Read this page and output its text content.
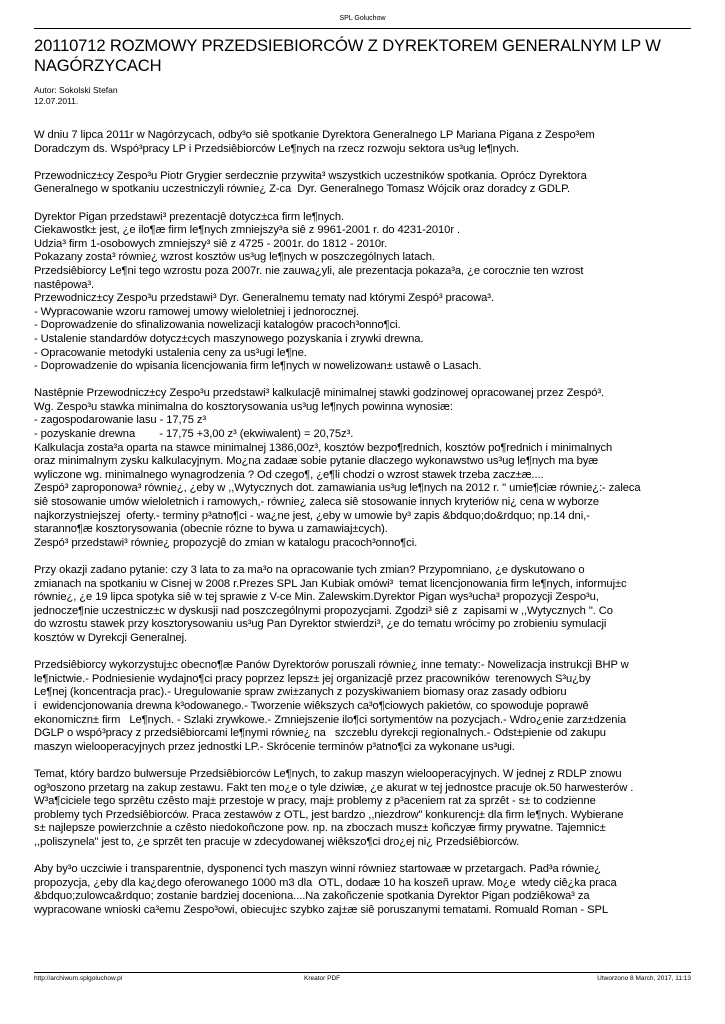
SPL Goluchow
20110712 ROZMOWY PRZEDSIEBIORCÓW Z DYREKTOREM GENERALNYM LP W NAGÓRZYCACH
Autor: Sokolski Stefan
12.07.2011.

W dniu 7 lipca 2011r w Nagórzycach, odby³o siê spotkanie Dyrektora Generalnego LP Mariana Pigana z Zespo³em
Doradczym ds. Wspó³pracy LP i Przedsiêbiorców Le¶nych na rzecz rozwoju sektora us³ug le¶nych.

Przewodnicz±cy Zespo³u Piotr Grygier serdecznie przywita³ wszystkich uczestników spotkania. Oprócz Dyrektora
Generalnego w spotkaniu uczestniczyli równie¿ Z-ca  Dyr. Generalnego Tomasz Wójcik oraz doradcy z GDLP.

Dyrektor Pigan przedstawi³ prezentacjê dotycz±ca firm le¶nych.
Ciekawostk± jest, ¿e ilo¶æ firm le¶nych zmniejszy³a siê z 9961-2001 r. do 4231-2010r .
Udzia³ firm 1-osobowych zmniejszy³ siê z 4725 - 2001r. do 1812 - 2010r.
Pokazany zosta³ równie¿ wzrost kosztów us³ug le¶nych w poszczególnych latach.
Przedsiêbiorcy Le¶ni tego wzrostu poza 2007r. nie zauwa¿yli, ale prezentacja pokaza³a, ¿e corocznie ten wzrost
nastêpowa³.
Przewodnicz±cy Zespo³u przedstawi³ Dyr. Generalnemu tematy nad którymi Zespó³ pracowa³.
- Wypracowanie wzoru ramowej umowy wieloletniej i jednorocznej.
- Doprowadzenie do sfinalizowania nowelizacji katalogów pracoch³onno¶ci.
- Ustalenie standardów dotycz±cych maszynowego pozyskania i zrywki drewna.
- Opracowanie metodyki ustalenia ceny za us³ugi le¶ne.
- Doprowadzenie do wpisania licencjowania firm le¶nych w nowelizowan± ustawê o Lasach.

Nastêpnie Przewodnicz±cy Zespo³u przedstawi³ kalkulacjê minimalnej stawki godzinowej opracowanej przez Zespó³.
Wg. Zespo³u stawka minimalna do kosztorysowania us³ug le¶nych powinna wynosiæ:
- zagospodarowanie lasu - 17,75 z³
- pozyskanie drewna        - 17,75 +3,00 z³ (ekwiwalent) = 20,75z³.
Kalkulacja zosta³a oparta na stawce minimalnej 1386,00z³, kosztów bezpo¶rednich, kosztów po¶rednich i minimalnych
oraz minimalnym zysku kalkulacyjnym. Mo¿na zadaæ sobie pytanie dlaczego wykonawstwo us³ug le¶nych ma byæ
wyliczone wg. minimalnego wynagrodzenia ? Od czego¶, ¿e¶li chodzi o wzrost stawek trzeba zacz±æ....
Zespó³ zaproponowa³ równie¿, ¿eby w ,,Wytycznych dot. zamawiania us³ug le¶nych na 2012 r. " umie¶ciæ równie¿:- zaleca
siê stosowanie umów wieloletnich i ramowych,- równie¿ zaleca siê stosowanie innych kryteriów ni¿ cena w wyborze
najkorzystniejszej  oferty.- terminy p³atno¶ci - wa¿ne jest, ¿eby w umowie by³ zapis &bdquo;do&rdquo; np.14 dni,-
staranno¶æ kosztorysowania (obecnie rózne to bywa u zamawiaj±cych).
Zespó³ przedstawi³ równie¿ propozycjê do zmian w katalogu pracoch³onno¶ci.

Przy okazji zadano pytanie: czy 3 lata to za ma³o na opracowanie tych zmian? Przypomniano, ¿e dyskutowano o
zmianach na spotkaniu w Cisnej w 2008 r.Prezes SPL Jan Kubiak omówi³  temat licencjonowania firm le¶nych, informuj±c
równie¿, ¿e 19 lipca spotyka siê w tej sprawie z V-ce Min. Zalewskim.Dyrektor Pigan wys³ucha³ propozycji Zespo³u,
jednocze¶nie uczestnicz±c w dyskusji nad poszczególnymi propozycjami. Zgodzi³ siê z  zapisami w ,,Wytycznych ". Co
do wzrostu stawek przy kosztorysowaniu us³ug Pan Dyrektor stwierdzi³, ¿e do tematu wrócimy po zrobieniu symulacji
kosztów w Dyrekcji Generalnej.

Przedsiêbiorcy wykorzystuj±c obecno¶æ Panów Dyrektorów poruszali równie¿ inne tematy:- Nowelizacja instrukcji BHP w
le¶nictwie.- Podniesienie wydajno¶ci pracy poprzez lepsz± jej organizacjê przez pracowników  terenowych S³u¿by
Le¶nej (koncentracja prac).- Uregulowanie spraw zwi±zanych z pozyskiwaniem biomasy oraz zasady odbioru
i  ewidencjonowania drewna k³odowanego.- Tworzenie wiêkszych ca³o¶ciowych pakietów, co spowoduje poprawê
ekonomiczn± firm   Le¶nych. - Szlaki zrywkowe.- Zmniejszenie ilo¶ci sortymentów na pozycjach.- Wdro¿enie zarz±dzenia
DGLP o wspó³pracy z przedsiêbiorcami le¶nymi równie¿ na   szczeblu dyrekcji regionalnych.- Odst±pienie od zakupu
maszyn wielooperacyjnych przez jednostki LP.- Skrócenie terminów p³atno¶ci za wykonane us³ugi.

Temat, który bardzo bulwersuje Przedsiêbiorców Le¶nych, to zakup maszyn wielooperacyjnych. W jednej z RDLP znowu
og³oszono przetarg na zakup zestawu. Fakt ten mo¿e o tyle dziwiæ, ¿e akurat w tej jednostce pracuje ok.50 harwesterów .
W³a¶ciciele tego sprzêtu czêsto maj± przestoje w pracy, maj± problemy z p³aceniem rat za sprzêt - s± to codzienne
problemy tych Przedsiêbiorców. Praca zestawów z OTL, jest bardzo ,,niezdrow" konkurencj± dla firm le¶nych. Wybierane
s± najlepsze powierzchnie a czêsto niedokoñczone pow. np. na zboczach musz± koñczyæ firmy prywatne. Tajemnic±
,,poliszynela" jest to, ¿e sprzêt ten pracuje w zdecydowanej wiêkszo¶ci dro¿ej ni¿ Przedsiêbiorców.

Aby by³o uczciwie i transparentnie, dysponenci tych maszyn winni równiez startowaæ w przetargach. Pad³a równie¿
propozycja, ¿eby dla ka¿dego oferowanego 1000 m3 dla  OTL, dodaæ 10 ha koszeñ upraw. Mo¿e  wtedy ciê¿ka praca
&bdquo;zulowca&rdquo; zostanie bardziej doceniona....Na zakoñczenie spotkania Dyrektor Pigan podziêkowa³ za
wypracowane wnioski ca³emu Zespo³owi, obiecuj±c szybko zaj±æ siê poruszanymi tematami. Romuald Roman - SPL

http://archiwum.splgoluchow.pl	Kreator PDF	Utworzono 8 March, 2017, 11:13
